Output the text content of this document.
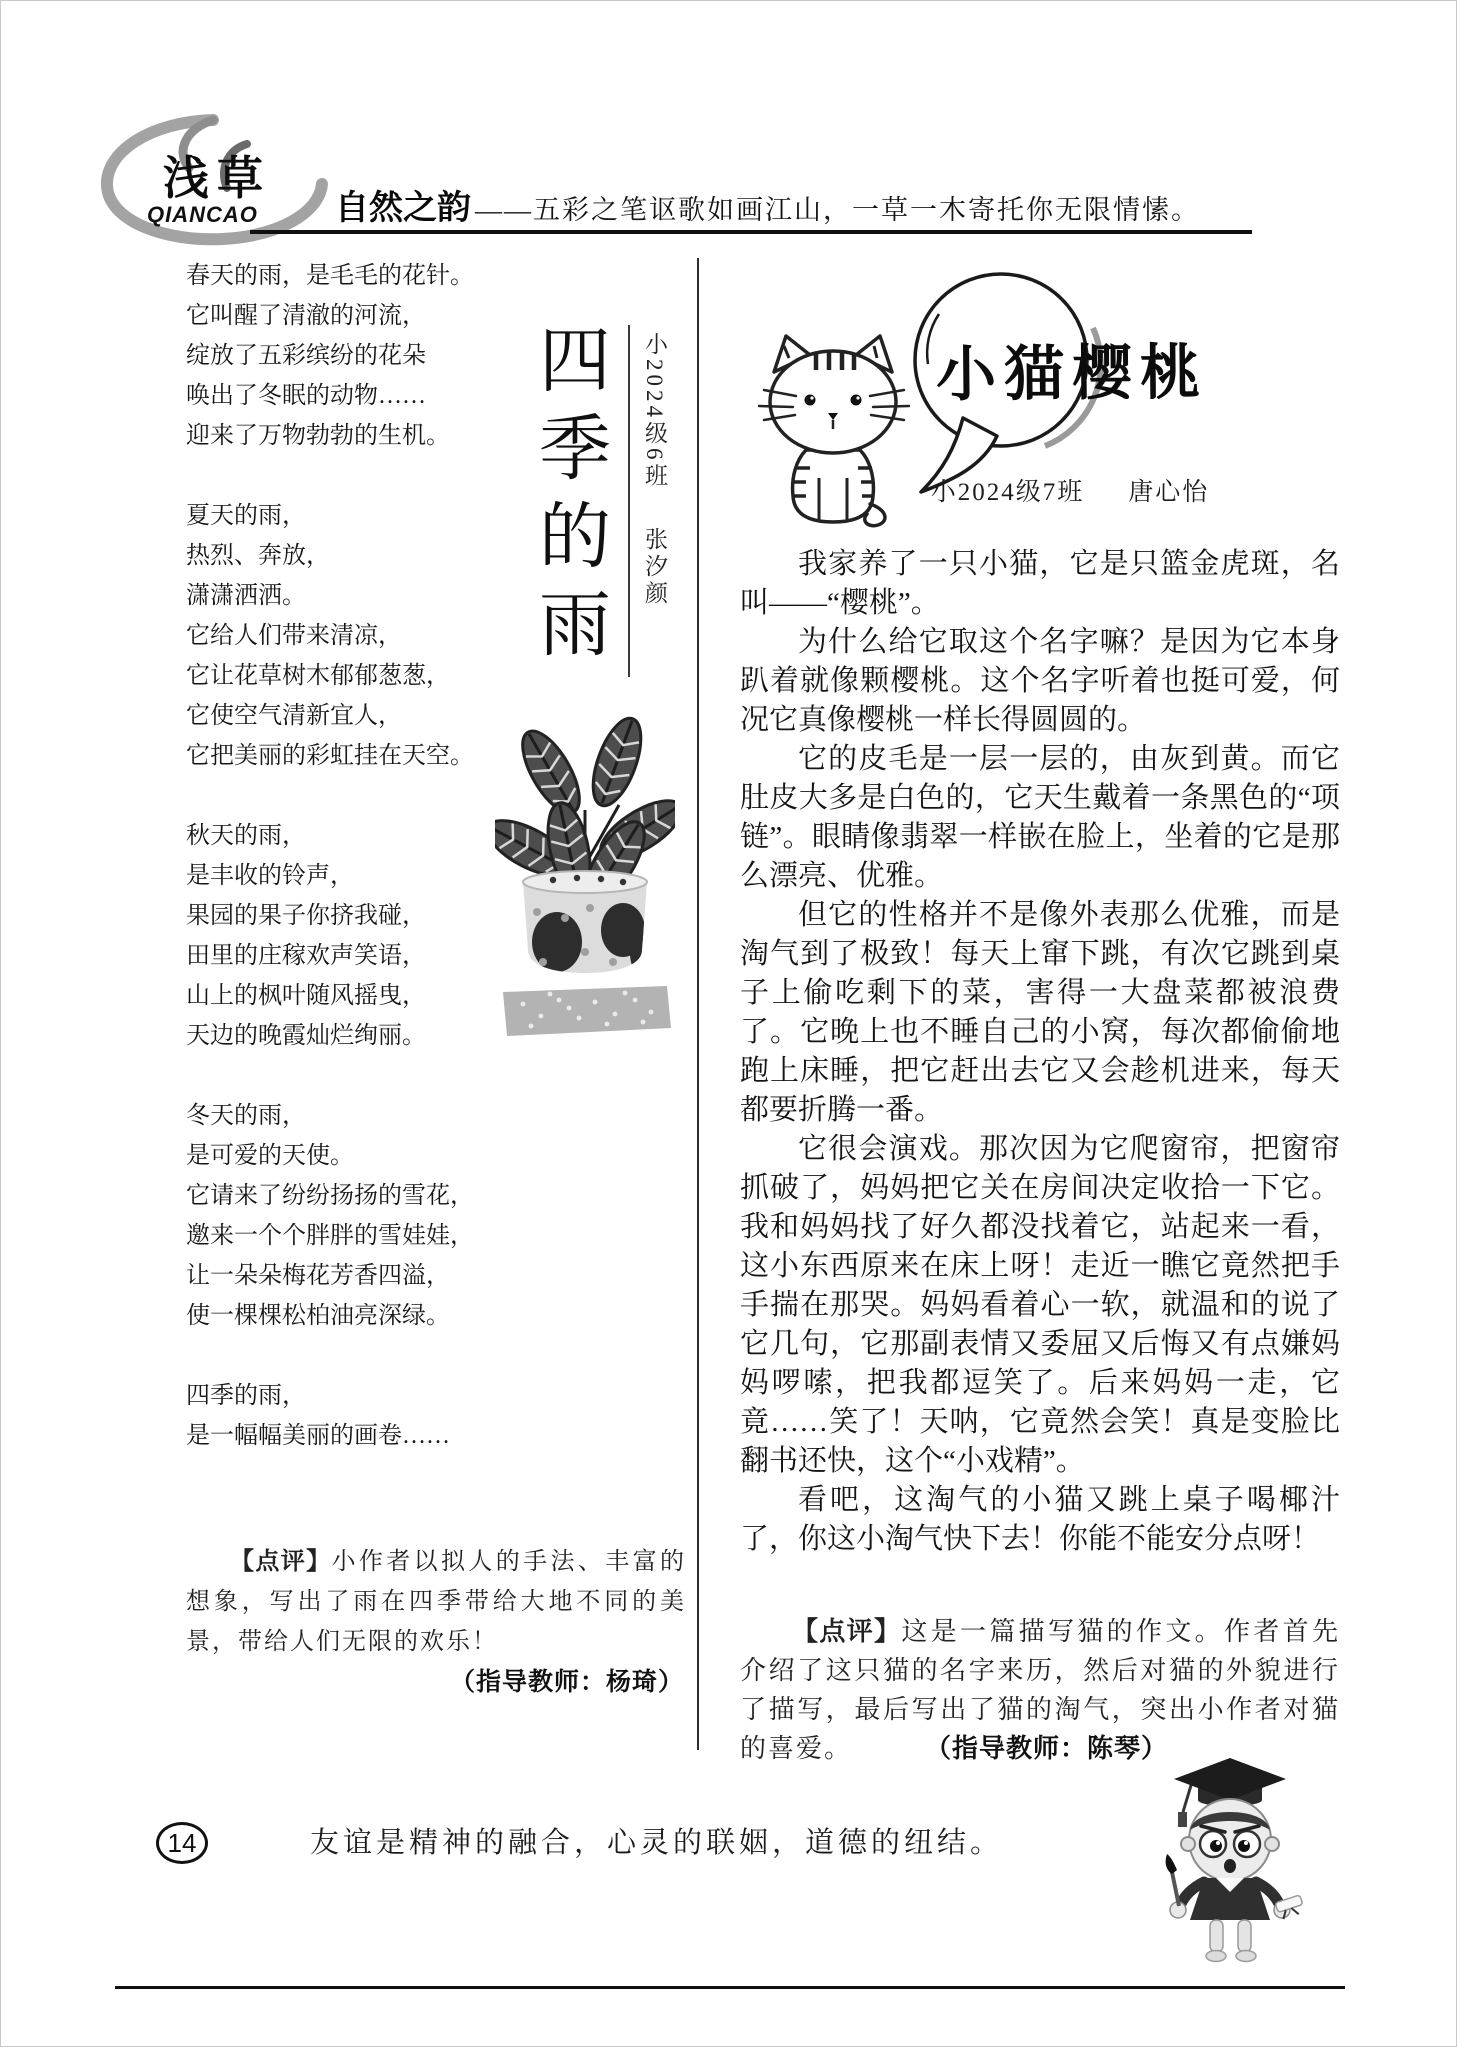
浅草
QIANCAO 自然之韵 ——五彩之笔讴歌如画江山，一草一木寄托你无限情愫。
春天的雨，是毛毛的花针。
它叫醒了清澈的河流，
绽放了五彩缤纷的花朵
唤出了冬眠的动物……
迎来了万物勃勃的生机。
夏天的雨，
热烈、奔放，
潇潇洒洒。
它给人们带来清凉，
它让花草树木郁郁葱葱，
它使空气清新宜人，
它把美丽的彩虹挂在天空。
秋天的雨，
是丰收的铃声，
果园的果子你挤我碰，
田里的庄稼欢声笑语，
山上的枫叶随风摇曳，
天边的晚霞灿烂绚丽。
冬天的雨，
是可爱的天使。
它请来了纷纷扬扬的雪花，
邀来一个个胖胖的雪娃娃，
让一朵朵梅花芳香四溢，
使一棵棵松柏油亮深绿。
四季的雨，
是一幅幅美丽的画卷……
四季的雨	小2024级6班张汐颜
【点评】小作者以拟人的手法、丰富的想象，写出了雨在四季带给大地不同的美景，带给人们无限的欢乐！
（指导教师：杨琦）
小猫樱桃
小2024级7班 唐心怡

我家养了一只小猫，它是只篮金虎斑，名叫——“樱桃”。

为什么给它取这个名字嘛？是因为它本身趴着就像颗樱桃。这个名字听着也挺可爱，何况它真像樱桃一样长得圆圆的。

它的皮毛是一层一层的，由灰到黄。而它肚皮大多是白色的，它天生戴着一条黑色的“项链”。眼睛像翡翠一样嵌在脸上，坐着的它是那么漂亮、优雅。

但它的性格并不是像外表那么优雅，而是淘气到了极致！每天上窜下跳，有次它跳到桌子上偷吃剩下的菜，害得一大盘菜都被浪费了。它晚上也不睡自己的小窝，每次都偷偷地跑上床睡，把它赶出去它又会趁机进来，每天都要折腾一番。

它很会演戏。那次因为它爬窗帘，把窗帘抓破了，妈妈把它关在房间决定收拾一下它。我和妈妈找了好久都没找着它，站起来一看，这小东西原来在床上呀！走近一瞧它竟然把手手揣在那哭。妈妈看着心一软，就温和的说了它几句，它那副表情又委屈又后悔又有点嫌妈妈啰嗦，把我都逗笑了。后来妈妈一走，它竟……笑了！天呐，它竟然会笑！真是变脸比翻书还快，这个“小戏精”。

看吧，这淘气的小猫又跳上桌子喝椰汁了，你这小淘气快下去！你能不能安分点呀！

【点评】这是一篇描写猫的作文。作者首先介绍了这只猫的名字来历，然后对猫的外貌进行了描写，最后写出了猫的淘气，突出小作者对猫的喜爱。	（指导教师：陈琴）
14	友谊是精神的融合，心灵的联姻，道德的纽结。
